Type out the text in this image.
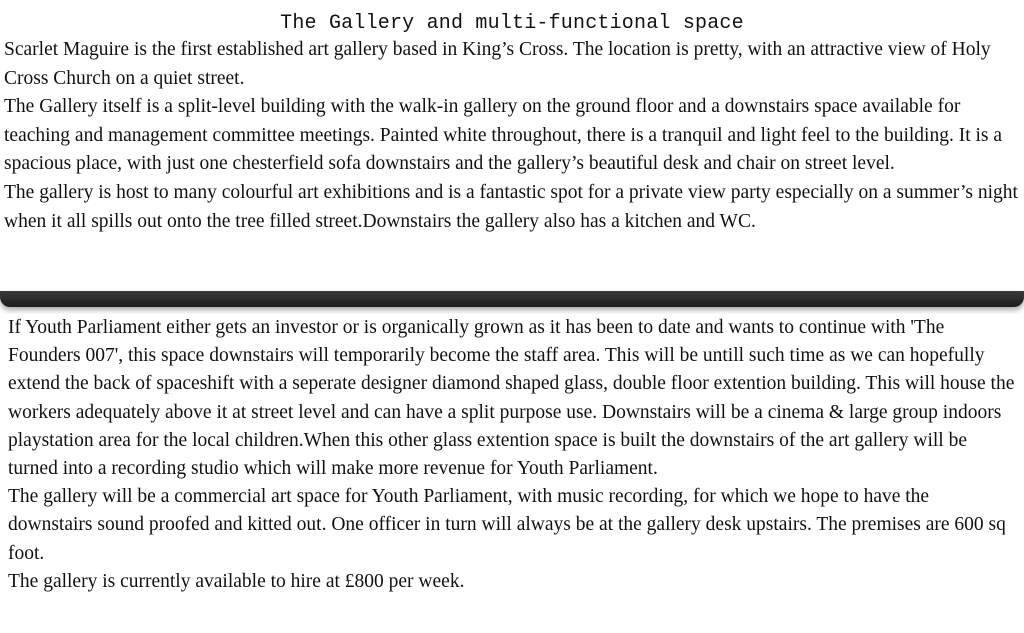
The Gallery and multi-functional space

Scarlet Maguire is the first established art gallery based in King’s Cross. The location is pretty, with an attractive view of Holy Cross Church on a quiet street.

The Gallery itself is a split-level building with the walk-in gallery on the ground floor and a downstairs space available for teaching and management committee meetings. Painted white throughout, there is a tranquil and light feel to the building. It is a spacious place, with just one chesterfield sofa downstairs and the gallery’s beautiful desk and chair on street level.

The gallery is host to many colourful art exhibitions and is a fantastic spot for a private view party especially on a summer’s night when it all spills out onto the tree filled street.Downstairs the gallery also has a kitchen and WC.

If Youth Parliament either gets an investor or is organically grown as it has been to date and wants to continue with 'The Founders 007', this space downstairs will temporarily become the staff area. This will be untill such time as we can hopefully extend the back of spaceshift with a seperate designer diamond shaped glass, double floor extention building. This will house the workers adequately above it at street level and can have a split purpose use. Downstairs will be a cinema & large group indoors playstation area for the local children.When this other glass extention space is built the downstairs of the art gallery will be turned into a recording studio which will make more revenue for Youth Parliament.

The gallery will be a commercial art space for Youth Parliament, with music recording, for which we hope to have the downstairs sound proofed and kitted out. One officer in turn will always be at the gallery desk upstairs. The premises are 600 sq foot.

The gallery is currently available to hire at £800 per week.
